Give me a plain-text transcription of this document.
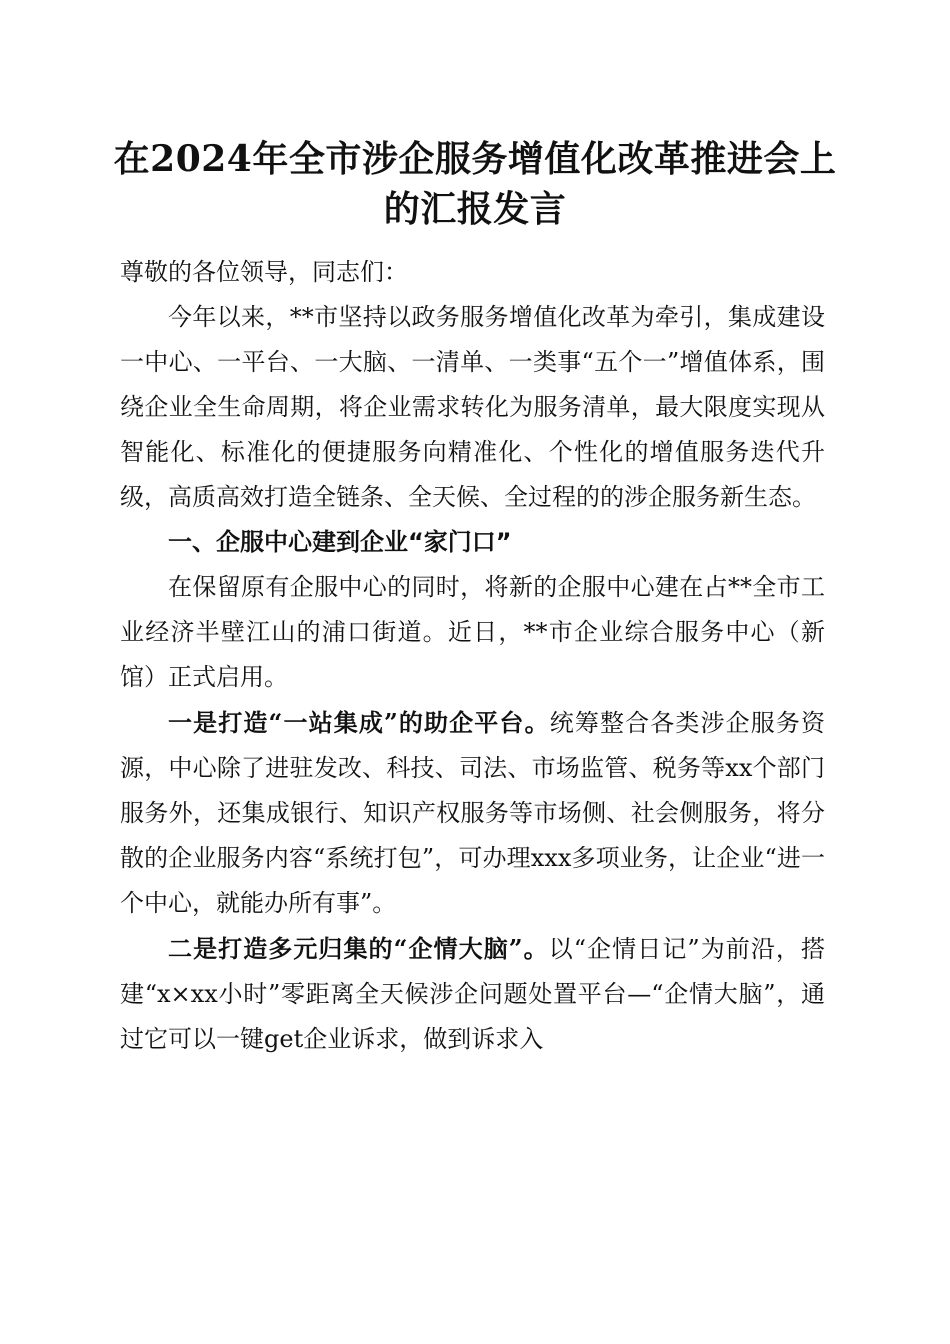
在2024年全市涉企服务增值化改革推进会上
的汇报发言

尊敬的各位领导，同志们：

今年以来，**市坚持以政务服务增值化改革为牵引，集成建设一中心、一平台、一大脑、一清单、一类事“五个一”增值体系，围绕企业全生命周期，将企业需求转化为服务清单，最大限度实现从智能化、标准化的便捷服务向精准化、个性化的增值服务迭代升级，高质高效打造全链条、全天候、全过程的的涉企服务新生态。

一、企服中心建到企业“家门口”

在保留原有企服中心的同时，将新的企服中心建在占**全市工业经济半壁江山的浦口街道。近日，**市企业综合服务中心（新馆）正式启用。

一是打造“一站集成”的助企平台。统筹整合各类涉企服务资源，中心除了进驻发改、科技、司法、市场监管、税务等xx个部门服务外，还集成银行、知识产权服务等市场侧、社会侧服务，将分散的企业服务内容“系统打包”，可办理xxx多项业务，让企业“进一个中心，就能办所有事”。

二是打造多元归集的“企情大脑”。以“企情日记”为前沿，搭建“x×xx小时”零距离全天候涉企问题处置平台—“企情大脑”，通过它可以一键get企业诉求，做到诉求入
